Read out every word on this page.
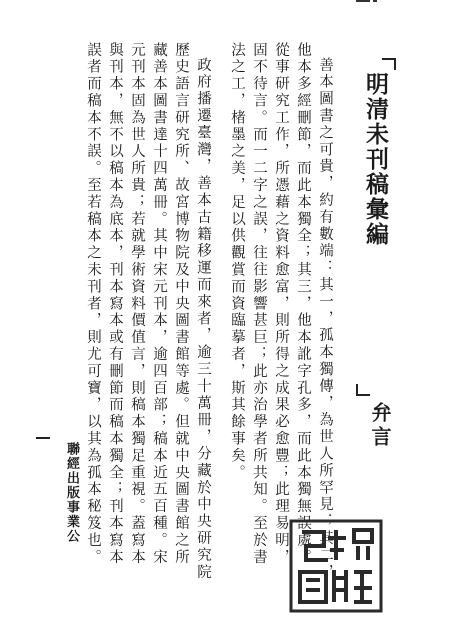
明清未刊稿彙編
弁言

善本圖書之可貴，約有數端：其一，孤本獨傳，為世人所罕見；其二，他本多經刪節，而此本獨全；其三，他本訛字孔多，而此本獨無誤處。從事研究工作，所憑藉之資料愈富，則所得之成果必愈豐；此理易明，固不待言。而一二字之誤，往往影響甚巨；此亦治學者所共知。至於書法之工，楮墨之美，足以供觀賞而資臨摹者，斯其餘事矣。

政府播遷臺灣，善本古籍移運而來者，逾三十萬冊，分藏於中央研究院歷史語言研究所、故宮博物院及中央圖書館等處。但就中央圖書館之所藏善本圖書達十四萬冊。其中宋元刊本，逾四百部；稿本近五百種。宋元刊本固為世人所貴；若就學術資料價值言，則稿本獨足重視。蓋寫本與刊本，無不以稿本為底本，刊本寫本或有刪節而稿本獨全；刊本寫本誤者而稿本不誤。至若稿本之未刊者，則尤可寶，以其為孤本秘笈也。

聯經出版事業公
